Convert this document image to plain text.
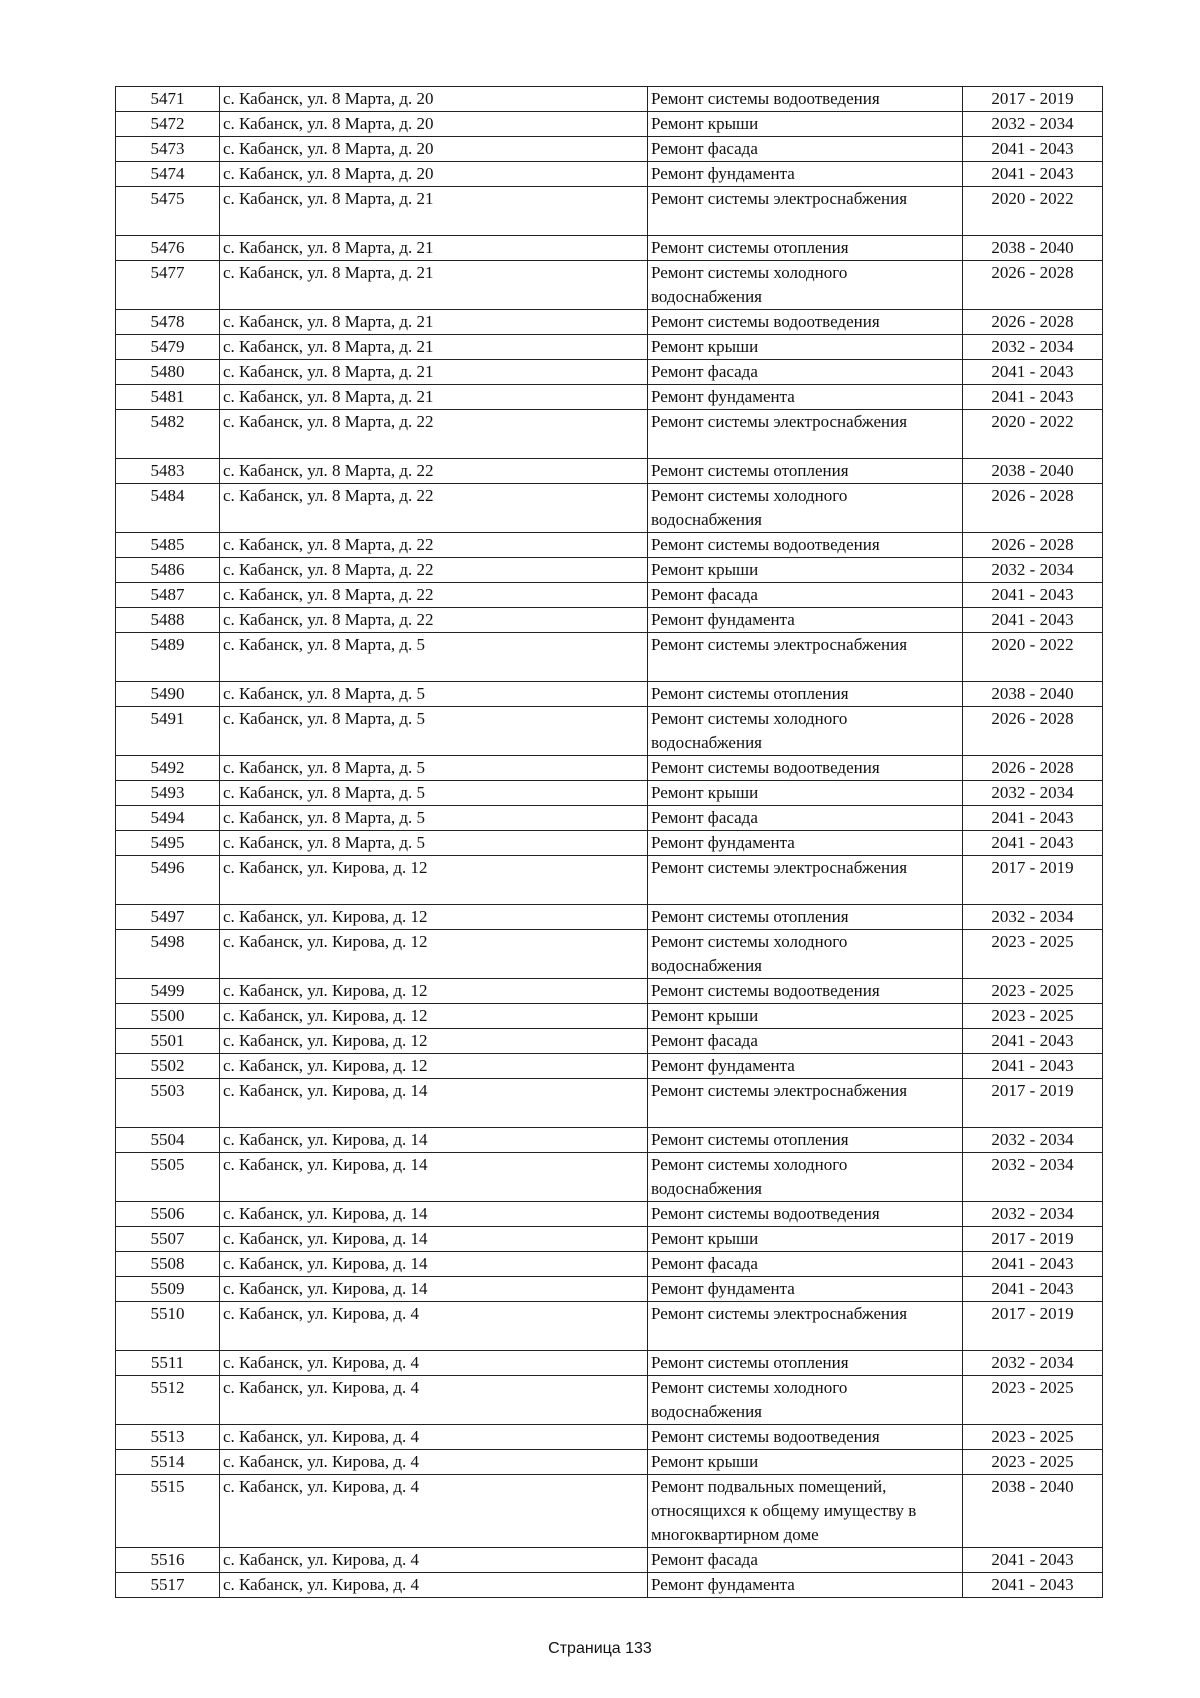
5471	с. Кабанск, ул. 8 Марта, д. 20	Ремонт системы водоотведения	2017 - 2019
5472	с. Кабанск, ул. 8 Марта, д. 20	Ремонт крыши	2032 - 2034
5473	с. Кабанск, ул. 8 Марта, д. 20	Ремонт фасада	2041 - 2043
5474	с. Кабанск, ул. 8 Марта, д. 20	Ремонт фундамента	2041 - 2043
5475	с. Кабанск, ул. 8 Марта, д. 21	Ремонт системы электроснабжения	2020 - 2022
5476	с. Кабанск, ул. 8 Марта, д. 21	Ремонт системы отопления	2038 - 2040
5477	с. Кабанск, ул. 8 Марта, д. 21	Ремонт системы холодного водоснабжения	2026 - 2028
5478	с. Кабанск, ул. 8 Марта, д. 21	Ремонт системы водоотведения	2026 - 2028
5479	с. Кабанск, ул. 8 Марта, д. 21	Ремонт крыши	2032 - 2034
5480	с. Кабанск, ул. 8 Марта, д. 21	Ремонт фасада	2041 - 2043
5481	с. Кабанск, ул. 8 Марта, д. 21	Ремонт фундамента	2041 - 2043
5482	с. Кабанск, ул. 8 Марта, д. 22	Ремонт системы электроснабжения	2020 - 2022
5483	с. Кабанск, ул. 8 Марта, д. 22	Ремонт системы отопления	2038 - 2040
5484	с. Кабанск, ул. 8 Марта, д. 22	Ремонт системы холодного водоснабжения	2026 - 2028
5485	с. Кабанск, ул. 8 Марта, д. 22	Ремонт системы водоотведения	2026 - 2028
5486	с. Кабанск, ул. 8 Марта, д. 22	Ремонт крыши	2032 - 2034
5487	с. Кабанск, ул. 8 Марта, д. 22	Ремонт фасада	2041 - 2043
5488	с. Кабанск, ул. 8 Марта, д. 22	Ремонт фундамента	2041 - 2043
5489	с. Кабанск, ул. 8 Марта, д. 5	Ремонт системы электроснабжения	2020 - 2022
5490	с. Кабанск, ул. 8 Марта, д. 5	Ремонт системы отопления	2038 - 2040
5491	с. Кабанск, ул. 8 Марта, д. 5	Ремонт системы холодного водоснабжения	2026 - 2028
5492	с. Кабанск, ул. 8 Марта, д. 5	Ремонт системы водоотведения	2026 - 2028
5493	с. Кабанск, ул. 8 Марта, д. 5	Ремонт крыши	2032 - 2034
5494	с. Кабанск, ул. 8 Марта, д. 5	Ремонт фасада	2041 - 2043
5495	с. Кабанск, ул. 8 Марта, д. 5	Ремонт фундамента	2041 - 2043
5496	с. Кабанск, ул. Кирова, д. 12	Ремонт системы электроснабжения	2017 - 2019
5497	с. Кабанск, ул. Кирова, д. 12	Ремонт системы отопления	2032 - 2034
5498	с. Кабанск, ул. Кирова, д. 12	Ремонт системы холодного водоснабжения	2023 - 2025
5499	с. Кабанск, ул. Кирова, д. 12	Ремонт системы водоотведения	2023 - 2025
5500	с. Кабанск, ул. Кирова, д. 12	Ремонт крыши	2023 - 2025
5501	с. Кабанск, ул. Кирова, д. 12	Ремонт фасада	2041 - 2043
5502	с. Кабанск, ул. Кирова, д. 12	Ремонт фундамента	2041 - 2043
5503	с. Кабанск, ул. Кирова, д. 14	Ремонт системы электроснабжения	2017 - 2019
5504	с. Кабанск, ул. Кирова, д. 14	Ремонт системы отопления	2032 - 2034
5505	с. Кабанск, ул. Кирова, д. 14	Ремонт системы холодного водоснабжения	2032 - 2034
5506	с. Кабанск, ул. Кирова, д. 14	Ремонт системы водоотведения	2032 - 2034
5507	с. Кабанск, ул. Кирова, д. 14	Ремонт крыши	2017 - 2019
5508	с. Кабанск, ул. Кирова, д. 14	Ремонт фасада	2041 - 2043
5509	с. Кабанск, ул. Кирова, д. 14	Ремонт фундамента	2041 - 2043
5510	с. Кабанск, ул. Кирова, д. 4	Ремонт системы электроснабжения	2017 - 2019
5511	с. Кабанск, ул. Кирова, д. 4	Ремонт системы отопления	2032 - 2034
5512	с. Кабанск, ул. Кирова, д. 4	Ремонт системы холодного водоснабжения	2023 - 2025
5513	с. Кабанск, ул. Кирова, д. 4	Ремонт системы водоотведения	2023 - 2025
5514	с. Кабанск, ул. Кирова, д. 4	Ремонт крыши	2023 - 2025
5515	с. Кабанск, ул. Кирова, д. 4	Ремонт подвальных помещений, относящихся к общему имуществу в многоквартирном доме	2038 - 2040
5516	с. Кабанск, ул. Кирова, д. 4	Ремонт фасада	2041 - 2043
5517	с. Кабанск, ул. Кирова, д. 4	Ремонт фундамента	2041 - 2043
Страница 133
